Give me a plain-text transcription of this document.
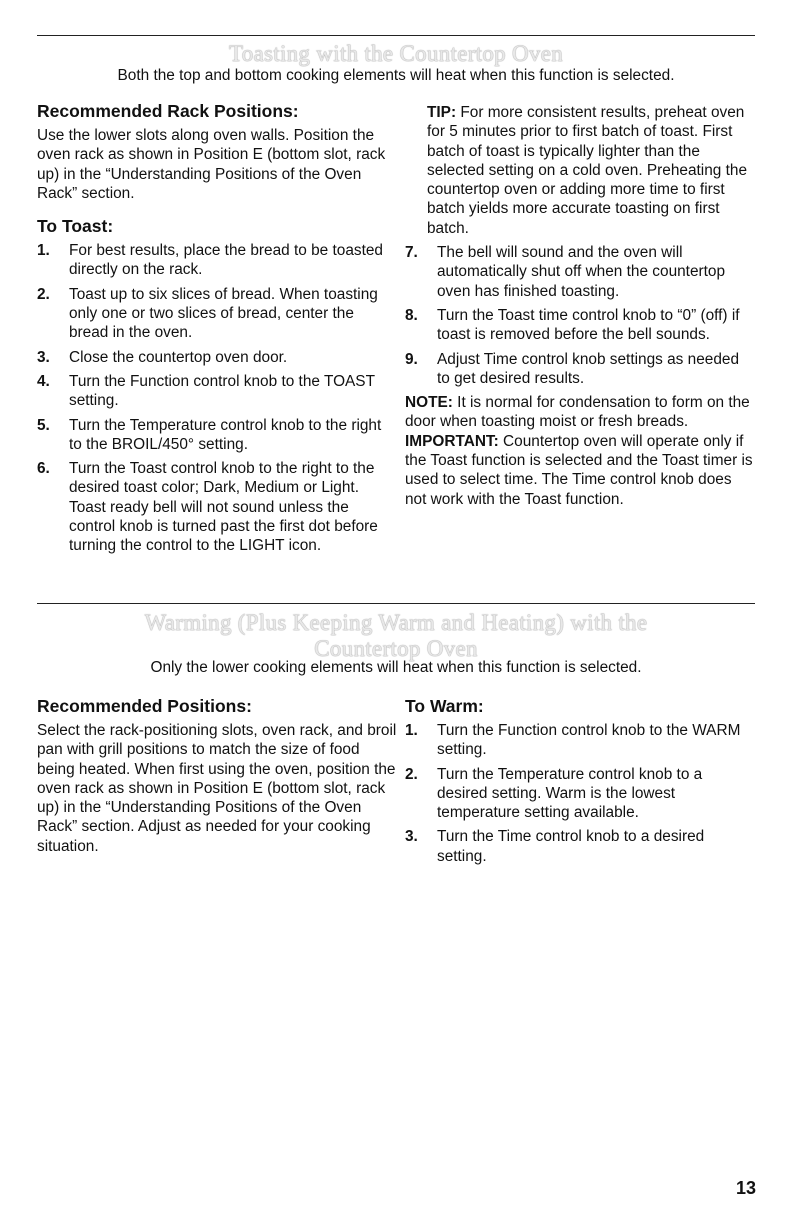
Toasting with the Countertop Oven
Both the top and bottom cooking elements will heat when this function is selected.
Recommended Rack Positions:

Use the lower slots along oven walls. Position the oven rack as shown in Position E (bottom slot, rack up) in the “Understanding Positions of the Oven Rack” section.

To Toast:
1.	For best results, place the bread to be toasted directly on the rack.
2.	Toast up to six slices of bread. When toasting only one or two slices of bread, center the bread in the oven.
3.	Close the countertop oven door.
4.	Turn the Function control knob to the TOAST setting.
5.	Turn the Temperature control knob to the right to the BROIL/450° setting.
6.	Turn the Toast control knob to the right to the desired toast color; Dark, Medium or Light. Toast ready bell will not sound unless the control knob is turned past the first dot before turning the control to the LIGHT icon.
TIP: For more consistent results, preheat oven for 5 minutes prior to first batch of toast. First batch of toast is typically lighter than the selected setting on a cold oven. Preheating the countertop oven or adding more time to first batch yields more accurate toasting on first batch.
7.	The bell will sound and the oven will automatically shut off when the countertop oven has finished toasting.
8.	Turn the Toast time control knob to “0” (off) if toast is removed before the bell sounds.
9.	Adjust Time control knob settings as needed to get desired results.

NOTE: It is normal for condensation to form on the door when toasting moist or fresh breads.

IMPORTANT: Countertop oven will operate only if the Toast function is selected and the Toast timer is used to select time. The Time control knob does not work with the Toast function.

Warming (Plus Keeping Warm and Heating) with the Countertop Oven
Only the lower cooking elements will heat when this function is selected.
Recommended Positions:

Select the rack-positioning slots, oven rack, and broil pan with grill positions to match the size of food being heated. When first using the oven, position the oven rack as shown in Position E (bottom slot, rack up) in the “Understanding Positions of the Oven Rack” section. Adjust as needed for your cooking situation.

To Warm:
1.	Turn the Function control knob to the WARM setting.
2.	Turn the Temperature control knob to a desired setting. Warm is the lowest temperature setting available.
3.	Turn the Time control knob to a desired setting.
13
